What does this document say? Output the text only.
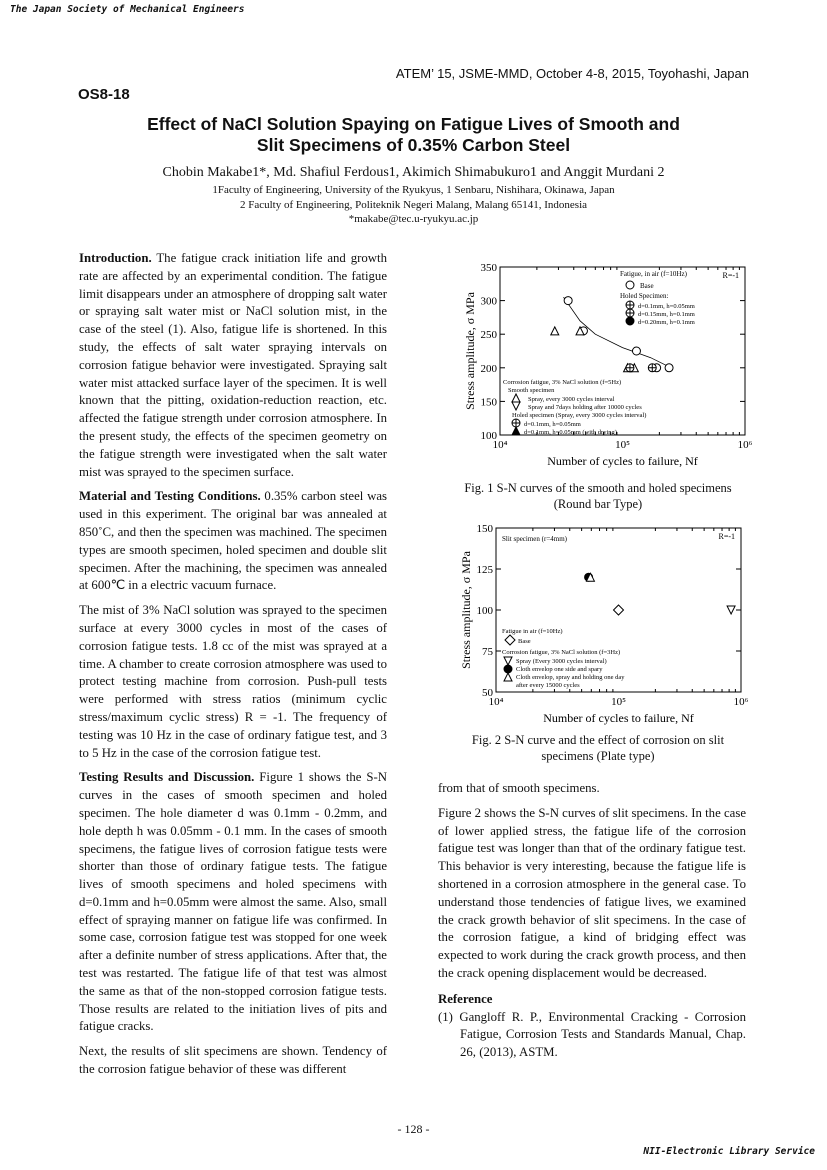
The Japan Society of Mechanical Engineers
NII-Electronic Library Service
- 128 -
ATEM’ 15, JSME-MMD, October 4-8, 2015, Toyohashi, Japan
OS8-18
Effect of NaCl Solution Spaying on Fatigue Lives of Smooth and
Slit Specimens of 0.35% Carbon Steel
Chobin Makabe1*, Md. Shafiul Ferdous1, Akimich Shimabukuro1 and Anggit Murdani 2
1Faculty of Engineering, University of the Ryukyus, 1 Senbaru, Nishihara, Okinawa, Japan
2 Faculty of Engineering, Politeknik Negeri Malang, Malang 65141, Indonesia
*makabe@tec.u-ryukyu.ac.jp

Introduction. The fatigue crack initiation life and growth rate are affected by an experimental condition. The fatigue limit disappears under an atmosphere of dropping salt water or spraying salt water mist or NaCl solution mist, in the case of the steel (1). Also, fatigue life is shortened. In this study, the effects of salt water spraying intervals on corrosion fatigue behavior were investigated. Spraying salt water mist attacked surface layer of the specimen. It is well known that the pitting, oxidation-reduction reaction, etc. affected the fatigue strength under corrosion atmosphere. In the present study, the effects of the specimen geometry on the fatigue strength were investigated when the salt water mist was sprayed to the specimen surface.

Material and Testing Conditions. 0.35% carbon steel was used in this experiment. The original bar was annealed at 850˚C, and then the specimen was machined. The specimen types are smooth specimen, holed specimen and double slit specimen. After the machining, the specimen was annealed at 600℃ in a electric vacuum furnace.

The mist of 3% NaCl solution was sprayed to the specimen surface at every 3000 cycles in most of the cases of corrosion fatigue tests. 1.8 cc of the mist was sprayed at a time. A chamber to create corrosion atmosphere was used to protect testing machine from corrosion. Push-pull tests were performed with stress ratios (minimum cyclic stress/maximum cyclic stress) R = -1. The frequency of testing was 10 Hz in the case of ordinary fatigue test, and 3 to 5 Hz in the case of the corrosion fatigue test.

Testing Results and Discussion. Figure 1 shows the S-N curves in the cases of smooth specimen and holed specimen. The hole diameter d was 0.1mm - 0.2mm, and hole depth h was 0.05mm - 0.1 mm. In the cases of smooth specimens, the fatigue lives of corrosion fatigue tests were shorter than those of ordinary fatigue tests. The fatigue lives of smooth specimens and holed specimens with d=0.1mm and h=0.05mm were almost the same. Also, small effect of spraying manner on fatigue life was confirmed. In some case, corrosion fatigue test was stopped for one week after a definite number of stress applications. After that, the test was restarted. The fatigue life of that test was almost the same as that of the non-stopped corrosion fatigue tests. Those results are related to the initiation lives of pits and fatigue cracks.

Next, the results of slit specimens are shown. Tendency of the corrosion fatigue behavior of these was different

100
150
200
250
300
350
10⁴	10⁵	10⁶
Number of cycles to failure, Nf
Stress amplitude, σ MPa
R=-1
Fatigue, in air (f=10Hz)
Base
Holed Specimen:
d=0.1mm, h=0.05mm
d=0.15mm, h=0.1mm
d=0.20mm, h=0.1mm
Corrosion fatigue, 3% NaCl solution (f=5Hz)
Smooth specimen
Spray, every 3000 cycles interval
Spray and 7days holding after 10000 cycles
Holed specimen (Spray, every 3000 cycles interval)
d=0.1mm, h=0.05mm
d=0.1mm, h=0.05mm (with drying)
Fig. 1 S-N curves of the smooth and holed specimens
(Round bar Type)
50
75
100
125
150
10⁴	10⁵	10⁶
Number of cycles to failure, Nf
Stress amplitude, σ MPa
R=-1
Slit specimen (r=4mm)
Fatigue in air (f=10Hz)
Base
Corrosion fatigue, 3% NaCl solution (f=3Hz)
Spray (Every 3000 cycles interval)
Cloth envelop one side and spary
Cloth envelop, spray and holding one day
after every 15000 cycles
Fig. 2 S-N curve and the effect of corrosion on slit
specimens (Plate type)

from that of smooth specimens.

Figure 2 shows the S-N curves of slit specimens. In the case of lower applied stress, the fatigue life of the corrosion fatigue test was longer than that of the ordinary fatigue test. This behavior is very interesting, because the fatigue life is shortened in a corrosion atmosphere in the general case. To understand those tendencies of fatigue lives, we examined the crack growth behavior of slit specimens. In the case of the corrosion fatigue, a kind of bridging effect was expected to work during the crack growth process, and then the crack opening displacement would be decreased.

Reference

(1) Gangloff R. P., Environmental Cracking - Corrosion Fatigue, Corrosion Tests and Standards Manual, Chap. 26, (2013), ASTM.
